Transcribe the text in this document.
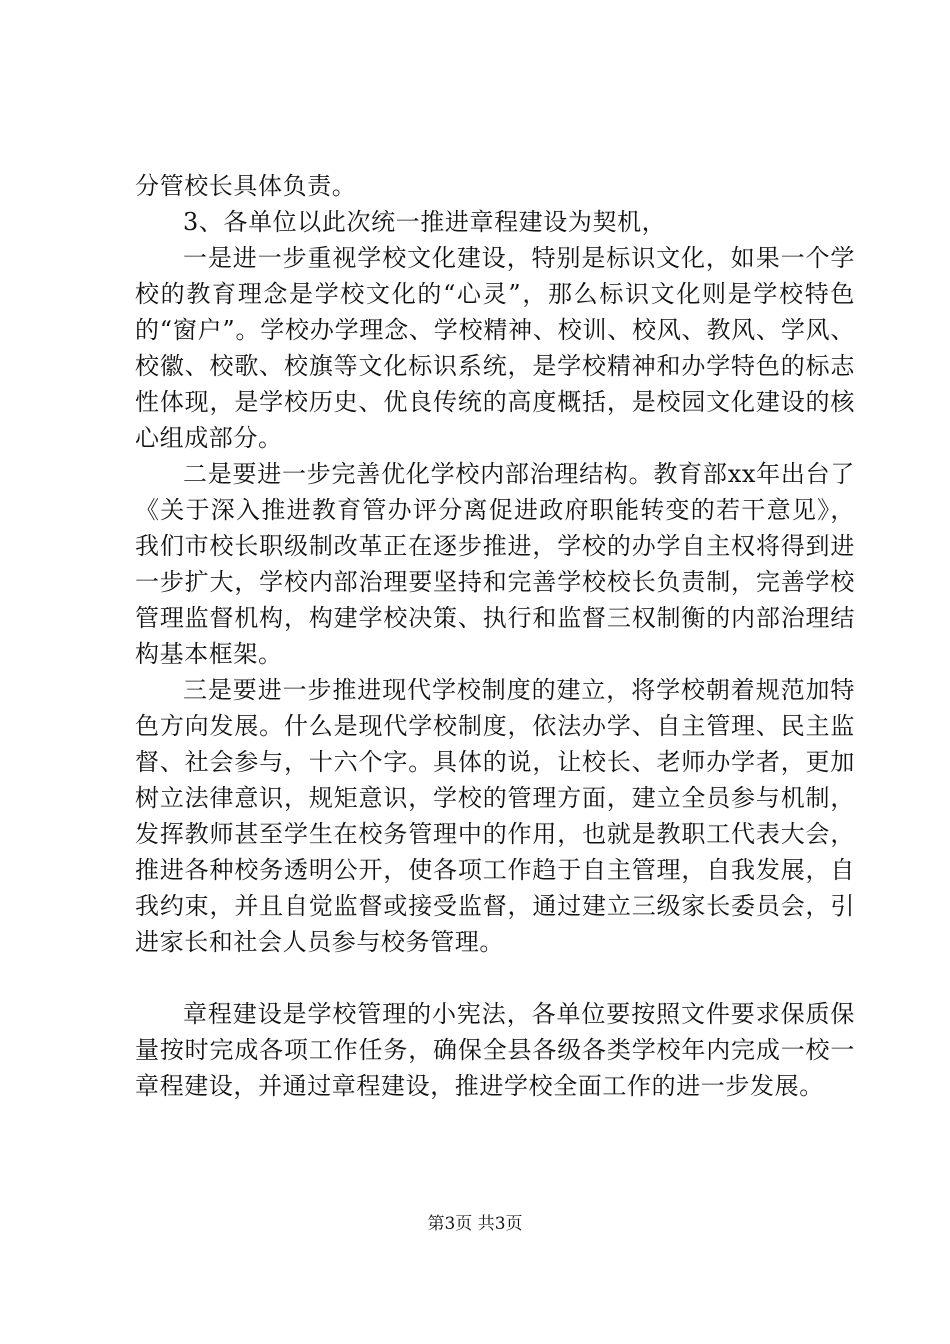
分管校长具体负责。

3、各单位以此次统一推进章程建设为契机，

一是进一步重视学校文化建设，特别是标识文化，如果一个学校的教育理念是学校文化的“心灵”，那么标识文化则是学校特色的“窗户”。学校办学理念、学校精神、校训、校风、教风、学风、校徽、校歌、校旗等文化标识系统，是学校精神和办学特色的标志性体现，是学校历史、优良传统的高度概括，是校园文化建设的核心组成部分。

二是要进一步完善优化学校内部治理结构。教育部xx年出台了《关于深入推进教育管办评分离促进政府职能转变的若干意见》，我们市校长职级制改革正在逐步推进，学校的办学自主权将得到进一步扩大，学校内部治理要坚持和完善学校校长负责制，完善学校管理监督机构，构建学校决策、执行和监督三权制衡的内部治理结构基本框架。

三是要进一步推进现代学校制度的建立，将学校朝着规范加特色方向发展。什么是现代学校制度，依法办学、自主管理、民主监督、社会参与，十六个字。具体的说，让校长、老师办学者，更加树立法律意识，规矩意识，学校的管理方面，建立全员参与机制，发挥教师甚至学生在校务管理中的作用，也就是教职工代表大会，推进各种校务透明公开，使各项工作趋于自主管理，自我发展，自我约束，并且自觉监督或接受监督，通过建立三级家长委员会，引进家长和社会人员参与校务管理。

章程建设是学校管理的小宪法，各单位要按照文件要求保质保量按时完成各项工作任务，确保全县各级各类学校年内完成一校一章程建设，并通过章程建设，推进学校全面工作的进一步发展。

第3页 共3页
